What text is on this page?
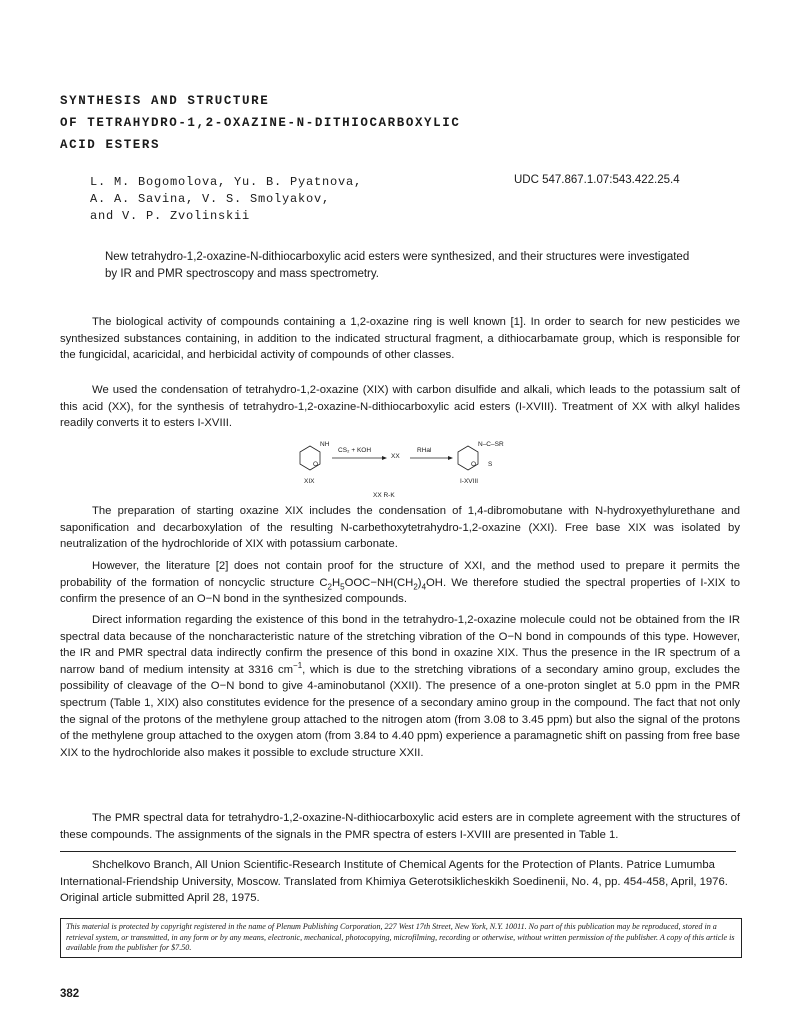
SYNTHESIS AND STRUCTURE
OF TETRAHYDRO-1,2-OXAZINE-N-DITHIOCARBOXYLIC
ACID ESTERS
L. M. Bogomolova, Yu. B. Pyatnova,
A. A. Savina, V. S. Smolyakov,
and V. P. Zvolinskii
UDC 547.867.1.07:543.422.25.4

New tetrahydro-1,2-oxazine-N-dithiocarboxylic acid esters were synthesized, and their structures were investigated by IR and PMR spectroscopy and mass spectrometry.

The biological activity of compounds containing a 1,2-oxazine ring is well known [1]. In order to search for new pesticides we synthesized substances containing, in addition to the indicated structural fragment, a dithiocarbamate group, which is responsible for the fungicidal, acaricidal, and herbicidal activity of compounds of other classes.

We used the condensation of tetrahydro-1,2-oxazine (XIX) with carbon disulfide and alkali, which leads to the potassium salt of this acid (XX), for the synthesis of tetrahydro-1,2-oxazine-N-dithiocarboxylic acid esters (I-XVIII). Treatment of XX with alkyl halides readily converts it to esters I-XVIII.

NH
O
CS₂ + KOH
XX
RHal
N–C–SR
O S
XIX	I-XVIII
XX R-K

The preparation of starting oxazine XIX includes the condensation of 1,4-dibromobutane with N-hydroxyethylurethane and saponification and decarboxylation of the resulting N-carbethoxytetrahydro-1,2-oxazine (XXI). Free base XIX was isolated by neutralization of the hydrochloride of XIX with potassium carbonate.

However, the literature [2] does not contain proof for the structure of XXI, and the method used to prepare it permits the probability of the formation of noncyclic structure $C_2H_5OOC-NH(CH_2)_4OH$. We therefore studied the spectral properties of I-XIX to confirm the presence of an O−N bond in the synthesized compounds.

Direct information regarding the existence of this bond in the tetrahydro-1,2-oxazine molecule could not be obtained from the IR spectral data because of the noncharacteristic nature of the stretching vibration of the O−N bond in compounds of this type. However, the IR and PMR spectral data indirectly confirm the presence of this bond in oxazine XIX. Thus the presence in the IR spectrum of a narrow band of medium intensity at 3316 $cm^{-1}$, which is due to the stretching vibrations of a secondary amino group, excludes the possibility of cleavage of the O−N bond to give 4-aminobutanol (XXII). The presence of a one-proton singlet at 5.0 ppm in the PMR spectrum (Table 1, XIX) also constitutes evidence for the presence of a secondary amino group in the compound. The fact that not only the signal of the protons of the methylene group attached to the nitrogen atom (from 3.08 to 3.45 ppm) but also the signal of the protons of the methylene group attached to the oxygen atom (from 3.84 to 4.40 ppm) experience a paramagnetic shift on passing from free base XIX to the hydrochloride also makes it possible to exclude structure XXII.

The PMR spectral data for tetrahydro-1,2-oxazine-N-dithiocarboxylic acid esters are in complete agreement with the structures of these compounds. The assignments of the signals in the PMR spectra of esters I-XVIII are presented in Table 1.

Shchelkovo Branch, All Union Scientific-Research Institute of Chemical Agents for the Protection of Plants. Patrice Lumumba International-Friendship University, Moscow. Translated from Khimiya Geterotsiklicheskikh Soedinenii, No. 4, pp. 454-458, April, 1976. Original article submitted April 28, 1975.

This material is protected by copyright registered in the name of Plenum Publishing Corporation, 227 West 17th Street, New York, N.Y. 10011. No part of this publication may be reproduced, stored in a retrieval system, or transmitted, in any form or by any means, electronic, mechanical, photocopying, microfilming, recording or otherwise, without written permission of the publisher. A copy of this article is available from the publisher for $7.50.
382
